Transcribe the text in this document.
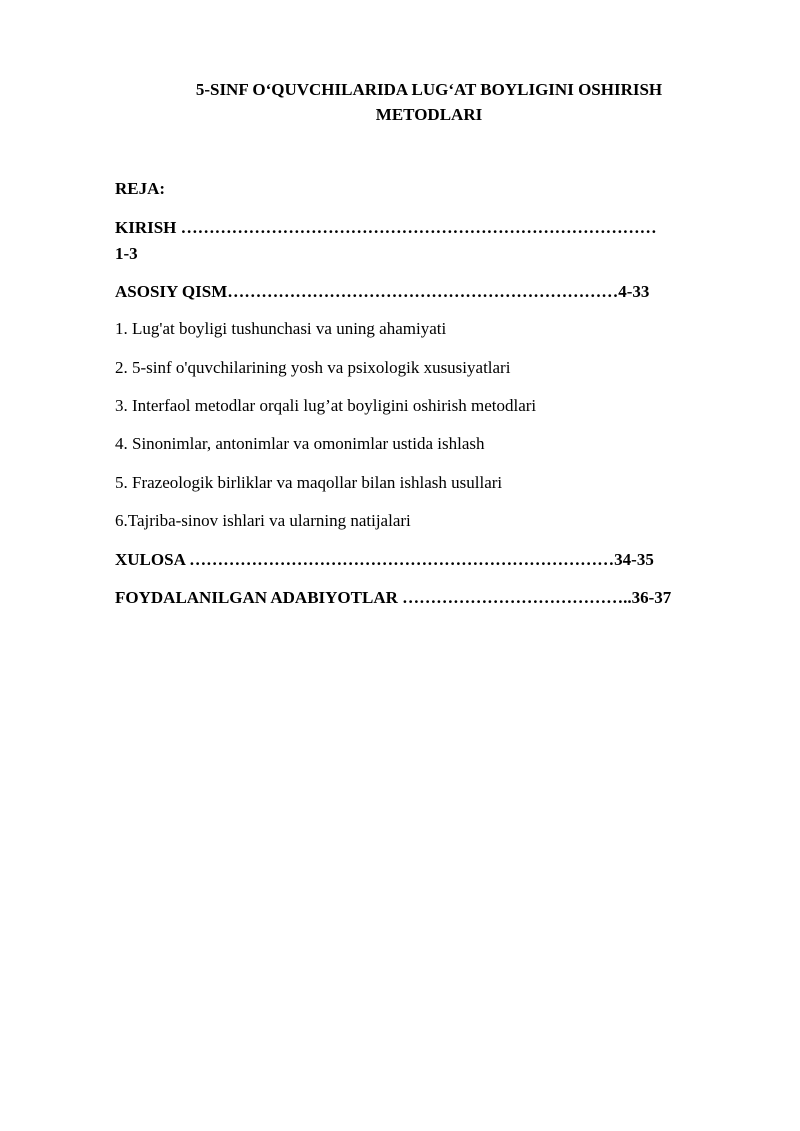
5-SINF O‘QUVCHILARIDA LUG‘AT BOYLIGINI OSHIRISH
METODLARI
REJA:
KIRISH …………………………………………………………………………
1-3
ASOSIY QISM……………………………………………………………4-33
1. Lug'at boyligi tushunchasi va uning ahamiyati
2. 5-sinf o'quvchilarining yosh va psixologik xususiyatlari
3. Interfaol metodlar orqali lug’at boyligini oshirish metodlari
4. Sinonimlar, antonimlar va omonimlar ustida ishlash
5. Frazeologik birliklar va maqollar bilan ishlash usullari
6.Tajriba-sinov ishlari va ularning natijalari
XULOSA …………………………………………………………………34-35
FOYDALANILGAN ADABIYOTLAR …………………………………..36-37
